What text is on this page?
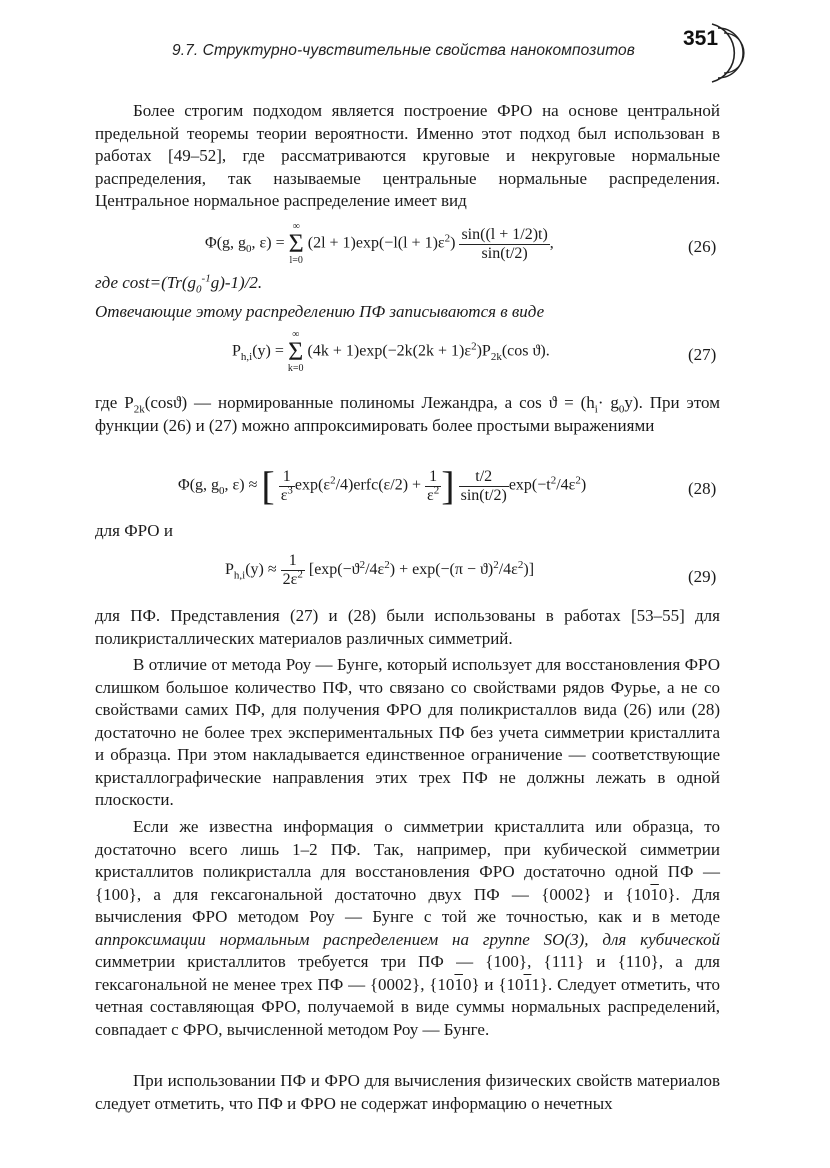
9.7. Структурно-чувствительные свойства нанокомпозитов
351

Более строгим подходом является построение ФРО на основе центральной предельной теоремы теории вероятности. Именно этот подход был использован в работах [49–52], где рассматриваются круговые и некруговые нормальные распределения, так называемые центральные нормальные распределения. Центральное нормальное распределение имеет вид

Φ(g, $g_0$, ε) =
∞
Σ
l=0
$(2l + 1)\exp(-l(l + 1)\varepsilon^2) \frac{\sin((l + 1/2)t)}{\sin(t/2)}$ ,	(26)

где $\cos t=(Tr(g_0^{-1}g)-1)/2$.

Отвечающие этому распределению ПФ записываются в виде

$P_{h,i}(y)$ =
∞
Σ
k=0
$(4k + 1)\exp(-2k(2k + 1)\varepsilon^2)P_{2k}(\cos$ ϑ).	(27)

где $P_{2k}(\cos ϑ)$ — нормированные полиномы Лежандра, а $\cos ϑ = (h_i\cdot g_0y)$. При этом функции (26) и (27) можно аппроксимировать более простыми выражениями

Φ(g, $g_0$, ε) ≈ [ $\frac{1}{\varepsilon^3}$ $\exp(\varepsilon^2/4)erfc(\varepsilon/2) + \frac{1}{\varepsilon^2}$ ] $\frac{t/2}{\sin(t/2)} \exp(-t^2/4\varepsilon^2)$	(28)

для ФРО и

$P_{h,i}(y) \approx \frac{1}{2\varepsilon^2} [\exp(-ϑ^2/4\varepsilon^2) + \exp(-(\pi - ϑ)^2/4\varepsilon^2)]$	(29)

для ПФ. Представления (27) и (28) были использованы в работах [53–55] для поликристаллических материалов различных симметрий.

В отличие от метода Роу — Бунге, который использует для восстановления ФРО слишком большое количество ПФ, что связано со свойствами рядов Фурье, а не со свойствами самих ПФ, для получения ФРО для поликристаллов вида (26) или (28) достаточно не более трех экспериментальных ПФ без учета симметрии кристаллита и образца. При этом накладывается единственное ограничение — соответствующие кристаллографические направления этих трех ПФ не должны лежать в одной плоскости.

Если же известна информация о симметрии кристаллита или образца, то достаточно всего лишь 1–2 ПФ. Так, например, при кубической симметрии кристаллитов поликристалла для восстановления ФРО достаточно одной ПФ — {100}, а для гексагональной достаточно двух ПФ — {0002} и {1010}. Для вычисления ФРО методом Роу — Бунге с той же точностью, как и в методе аппроксимации нормальным распределением на группе SO(3), для кубической симметрии кристаллитов требуется три ПФ — {100}, {111} и {110}, а для гексагональной не менее трех ПФ — {0002}, {1010} и {1011}. Следует отметить, что четная составляющая ФРО, получаемой в виде суммы нормальных распределений, совпадает с ФРО, вычисленной методом Роу — Бунге.

При использовании ПФ и ФРО для вычисления физических свойств материалов следует отметить, что ПФ и ФРО не содержат информацию о нечетных
